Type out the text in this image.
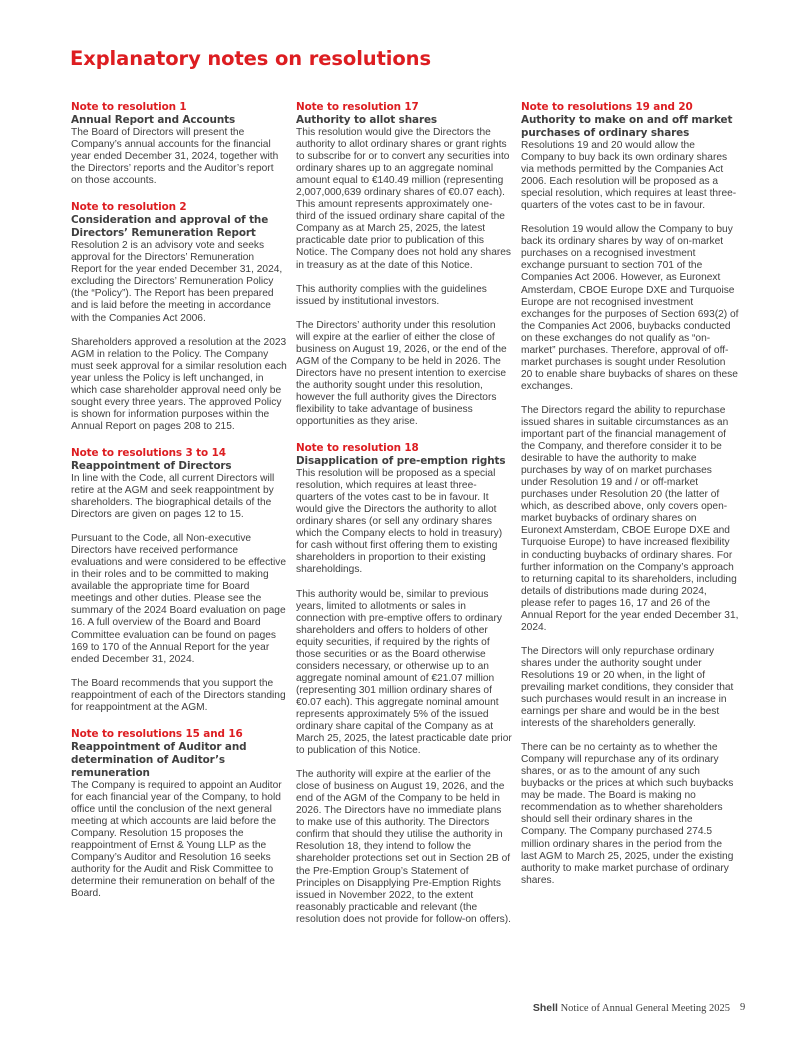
Explanatory notes on resolutions
Note to resolution 1
Annual Report and Accounts

The Board of Directors will present the Company’s annual accounts for the financial year ended December 31, 2024, together with the Directors’ reports and the Auditor’s report on those accounts.

Note to resolution 2
Consideration and approval of the Directors’ Remuneration Report

Resolution 2 is an advisory vote and seeks approval for the Directors’ Remuneration Report for the year ended December 31, 2024, excluding the Directors’ Remuneration Policy (the “Policy”). The Report has been prepared and is laid before the meeting in accordance with the Companies Act 2006.

Shareholders approved a resolution at the 2023 AGM in relation to the Policy. The Company must seek approval for a similar resolution each year unless the Policy is left unchanged, in which case shareholder approval need only be sought every three years. The approved Policy is shown for information purposes within the Annual Report on pages 208 to 215.

Note to resolutions 3 to 14
Reappointment of Directors

In line with the Code, all current Directors will retire at the AGM and seek reappointment by shareholders. The biographical details of the Directors are given on pages 12 to 15.

Pursuant to the Code, all Non-executive Directors have received performance evaluations and were considered to be effective in their roles and to be committed to making available the appropriate time for Board meetings and other duties. Please see the summary of the 2024 Board evaluation on page 16. A full overview of the Board and Board Committee evaluation can be found on pages 169 to 170 of the Annual Report for the year ended December 31, 2024.

The Board recommends that you support the reappointment of each of the Directors standing for reappointment at the AGM.

Note to resolutions 15 and 16
Reappointment of Auditor and determination of Auditor’s remuneration

The Company is required to appoint an Auditor for each financial year of the Company, to hold office until the conclusion of the next general meeting at which accounts are laid before the Company. Resolution 15 proposes the reappointment of Ernst & Young LLP as the Company’s Auditor and Resolution 16 seeks authority for the Audit and Risk Committee to determine their remuneration on behalf of the Board.

Note to resolution 17
Authority to allot shares

This resolution would give the Directors the authority to allot ordinary shares or grant rights to subscribe for or to convert any securities into ordinary shares up to an aggregate nominal amount equal to €140.49 million (representing 2,007,000,639 ordinary shares of €0.07 each). This amount represents approximately one-third of the issued ordinary share capital of the Company as at March 25, 2025, the latest practicable date prior to publication of this Notice. The Company does not hold any shares in treasury as at the date of this Notice.

This authority complies with the guidelines issued by institutional investors.

The Directors’ authority under this resolution will expire at the earlier of either the close of business on August 19, 2026, or the end of the AGM of the Company to be held in 2026. The Directors have no present intention to exercise the authority sought under this resolution, however the full authority gives the Directors flexibility to take advantage of business opportunities as they arise.

Note to resolution 18
Disapplication of pre-emption rights

This resolution will be proposed as a special resolution, which requires at least three-quarters of the votes cast to be in favour. It would give the Directors the authority to allot ordinary shares (or sell any ordinary shares which the Company elects to hold in treasury) for cash without first offering them to existing shareholders in proportion to their existing shareholdings.

This authority would be, similar to previous years, limited to allotments or sales in connection with pre-emptive offers to ordinary shareholders and offers to holders of other equity securities, if required by the rights of those securities or as the Board otherwise considers necessary, or otherwise up to an aggregate nominal amount of €21.07 million (representing 301 million ordinary shares of €0.07 each). This aggregate nominal amount represents approximately 5% of the issued ordinary share capital of the Company as at March 25, 2025, the latest practicable date prior to publication of this Notice.

The authority will expire at the earlier of the close of business on August 19, 2026, and the end of the AGM of the Company to be held in 2026. The Directors have no immediate plans to make use of this authority. The Directors confirm that should they utilise the authority in Resolution 18, they intend to follow the shareholder protections set out in Section 2B of the Pre-Emption Group’s Statement of Principles on Disapplying Pre-Emption Rights issued in November 2022, to the extent reasonably practicable and relevant (the resolution does not provide for follow-on offers).

Note to resolutions 19 and 20
Authority to make on and off market purchases of ordinary shares

Resolutions 19 and 20 would allow the Company to buy back its own ordinary shares via methods permitted by the Companies Act 2006. Each resolution will be proposed as a special resolution, which requires at least three-quarters of the votes cast to be in favour.

Resolution 19 would allow the Company to buy back its ordinary shares by way of on-market purchases on a recognised investment exchange pursuant to section 701 of the Companies Act 2006. However, as Euronext Amsterdam, CBOE Europe DXE and Turquoise Europe are not recognised investment exchanges for the purposes of Section 693(2) of the Companies Act 2006, buybacks conducted on these exchanges do not qualify as “on-market” purchases. Therefore, approval of off-market purchases is sought under Resolution 20 to enable share buybacks of shares on these exchanges.

The Directors regard the ability to repurchase issued shares in suitable circumstances as an important part of the financial management of the Company, and therefore consider it to be desirable to have the authority to make purchases by way of on market purchases under Resolution 19 and / or off-market purchases under Resolution 20 (the latter of which, as described above, only covers open-market buybacks of ordinary shares on Euronext Amsterdam, CBOE Europe DXE and Turquoise Europe) to have increased flexibility in conducting buybacks of ordinary shares. For further information on the Company’s approach to returning capital to its shareholders, including details of distributions made during 2024, please refer to pages 16, 17 and 26 of the Annual Report for the year ended December 31, 2024.

The Directors will only repurchase ordinary shares under the authority sought under Resolutions 19 or 20 when, in the light of prevailing market conditions, they consider that such purchases would result in an increase in earnings per share and would be in the best interests of the shareholders generally.

There can be no certainty as to whether the Company will repurchase any of its ordinary shares, or as to the amount of any such buybacks or the prices at which such buybacks may be made. The Board is making no recommendation as to whether shareholders should sell their ordinary shares in the Company. The Company purchased 274.5 million ordinary shares in the period from the last AGM to March 25, 2025, under the existing authority to make market purchase of ordinary shares.

Shell Notice of Annual General Meeting 2025 9
